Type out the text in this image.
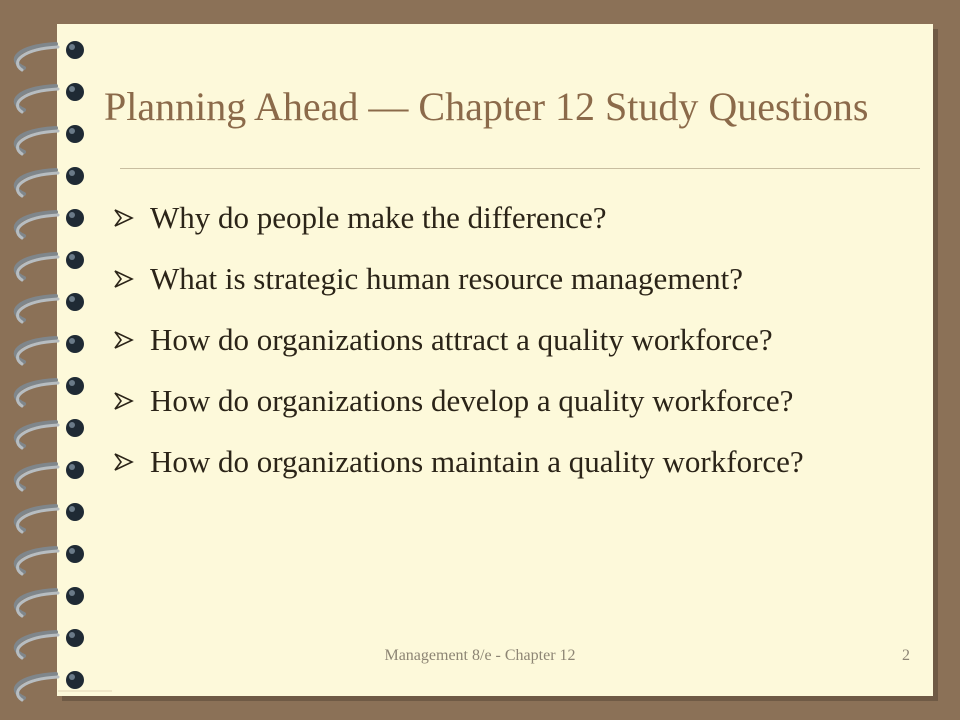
Planning Ahead — Chapter 12 Study Questions
Why do people make the difference?
What is strategic human resource management?
How do organizations attract a quality workforce?
How do organizations develop a quality workforce?
How do organizations maintain a quality workforce?
Management 8/e - Chapter 12	2
